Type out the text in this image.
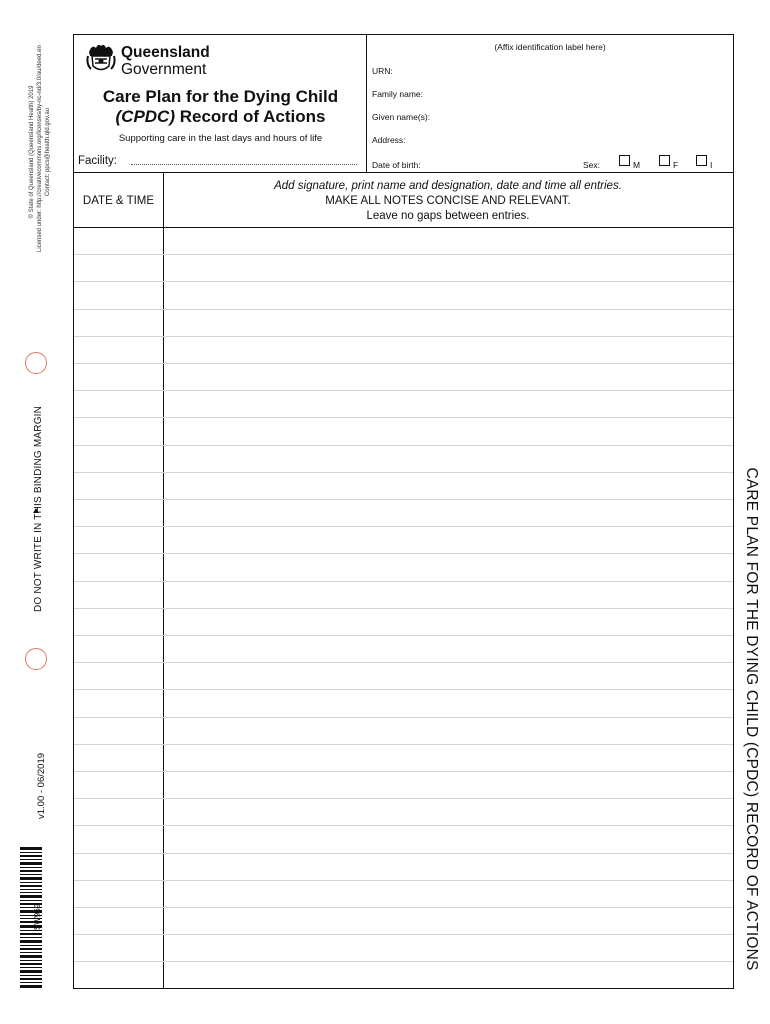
© State of Queensland (Queensland Health) 2019 Licensed under: http://creativecommons.org/licenses/by-nc-nd/3.0/au/deed.en Contact: ppcs@health.qld.gov.au
DO NOT WRITE IN THIS BINDING MARGIN
v1.00 - 06/2019
SW969	CARE PLAN FOR THE DYING CHILD (CPDC) RECORD OF ACTIONS
Queensland
Government
Care Plan for the Dying Child
(CPDC) Record of Actions
Supporting care in the last days and hours of life
Facility:
(Affix identification label here)
URN:
Family name:
Given name(s):
Address:
Date of birth:	Sex:	M	F	I
DATE & TIME
Add signature, print name and designation, date and time all entries.
MAKE ALL NOTES CONCISE AND RELEVANT.
Leave no gaps between entries.
